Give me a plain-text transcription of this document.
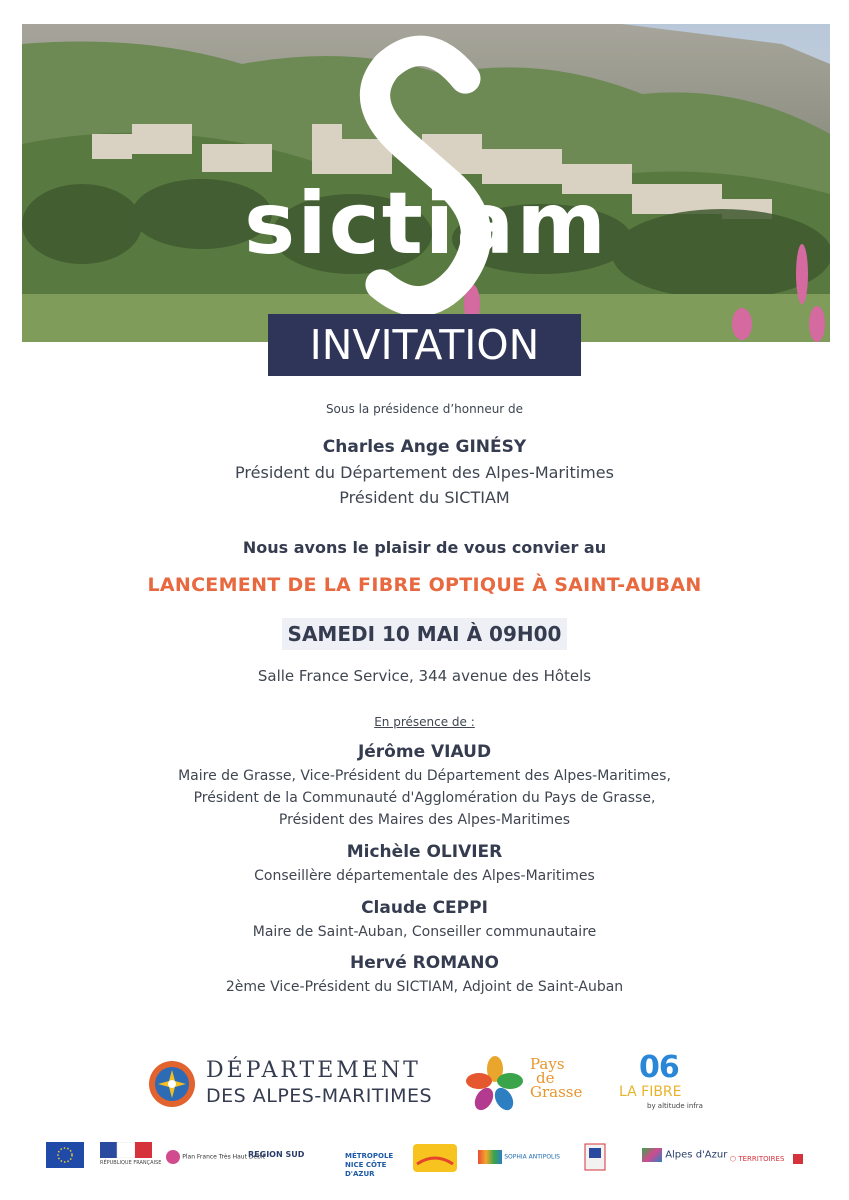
sictiam
INVITATION
Sous la présidence d’honneur de
Charles Ange GINÉSY
Président du Département des Alpes-Maritimes
Président du SICTIAM
Nous avons le plaisir de vous convier au
LANCEMENT DE LA FIBRE OPTIQUE À SAINT-AUBAN
SAMEDI 10 MAI À 09H00
Salle France Service, 344 avenue des Hôtels
En présence de :
Jérôme VIAUD
Maire de Grasse, Vice-Président du Département des Alpes-Maritimes,
Président de la Communauté d'Agglomération du Pays de Grasse,
Président des Maires des Alpes-Maritimes
Michèle OLIVIER
Conseillère départementale des Alpes-Maritimes
Claude CEPPI
Maire de Saint-Auban, Conseiller communautaire
Hervé ROMANO
2ème Vice-Président du SICTIAM, Adjoint de Saint-Auban
DÉPARTEMENT
DES ALPES-MARITIMES
Pays
de
Grasse
06
LA FIBRE
by altitude infra
RÉPUBLIQUE FRANÇAISE
Plan France Très Haut Débit
REGION SUD	MÉTROPOLE NICE CÔTE D'AZUR
SOPHIA ANTIPOLIS	Alpes d'Azur ⬡ TERRITOIRES
